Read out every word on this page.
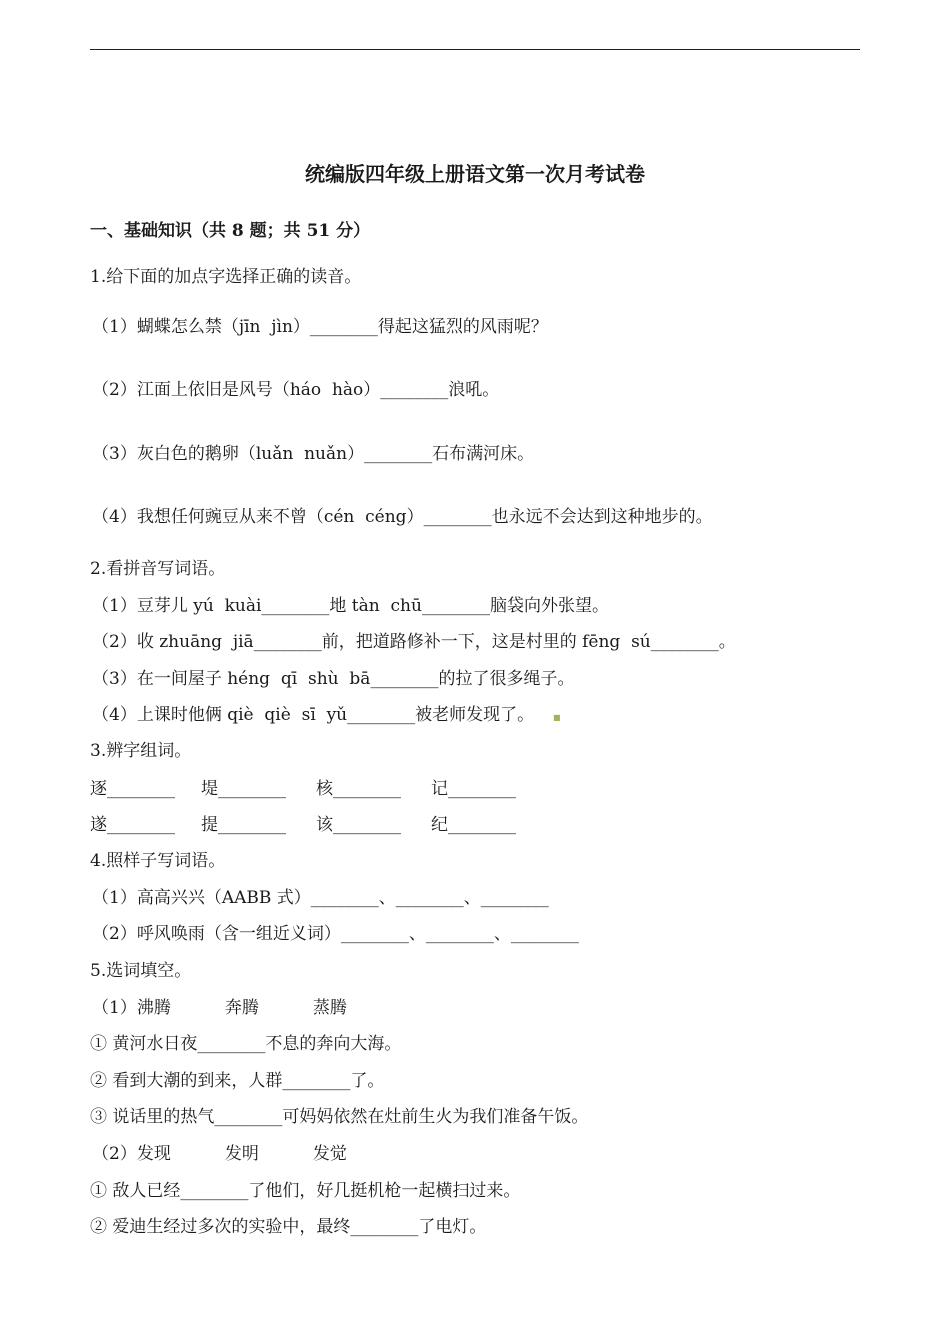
统编版四年级上册语文第一次月考试卷
一、基础知识（共 8 题；共 51 分）
1.给下面的加点字选择正确的读音。
（1）蝴蝶怎么禁（jīn  jìn）________得起这猛烈的风雨呢？
（2）江面上依旧是风号（háo  hào）________浪吼。
（3）灰白色的鹅卵（luǎn  nuǎn）________石布满河床。
（4）我想任何豌豆从来不曾（cén  céng）________也永远不会达到这种地步的。
2.看拼音写词语。
（1）豆芽儿 yú  kuài________地 tàn  chū________脑袋向外张望。
（2）收 zhuāng  jiā________前，把道路修补一下，这是村里的 fēng  sú________。
（3）在一间屋子 héng  qī  shù  bā________的拉了很多绳子。
（4）上课时他俩 qiè  qiè  sī  yǔ________被老师发现了。 ■
3.辨字组词。
逐________ 堤________ 核________ 记________
遂________ 提________ 该________ 纪________
4.照样子写词语。
（1）高高兴兴（AABB 式）________、________、________
（2）呼风唤雨（含一组近义词）________、________、________
5.选词填空。
（1）沸腾          奔腾          蒸腾
① 黄河水日夜________不息的奔向大海。
② 看到大潮的到来，人群________了。
③ 说话里的热气________可妈妈依然在灶前生火为我们准备午饭。
（2）发现          发明          发觉
① 敌人已经________了他们，好几挺机枪一起横扫过来。
② 爱迪生经过多次的实验中，最终________了电灯。
